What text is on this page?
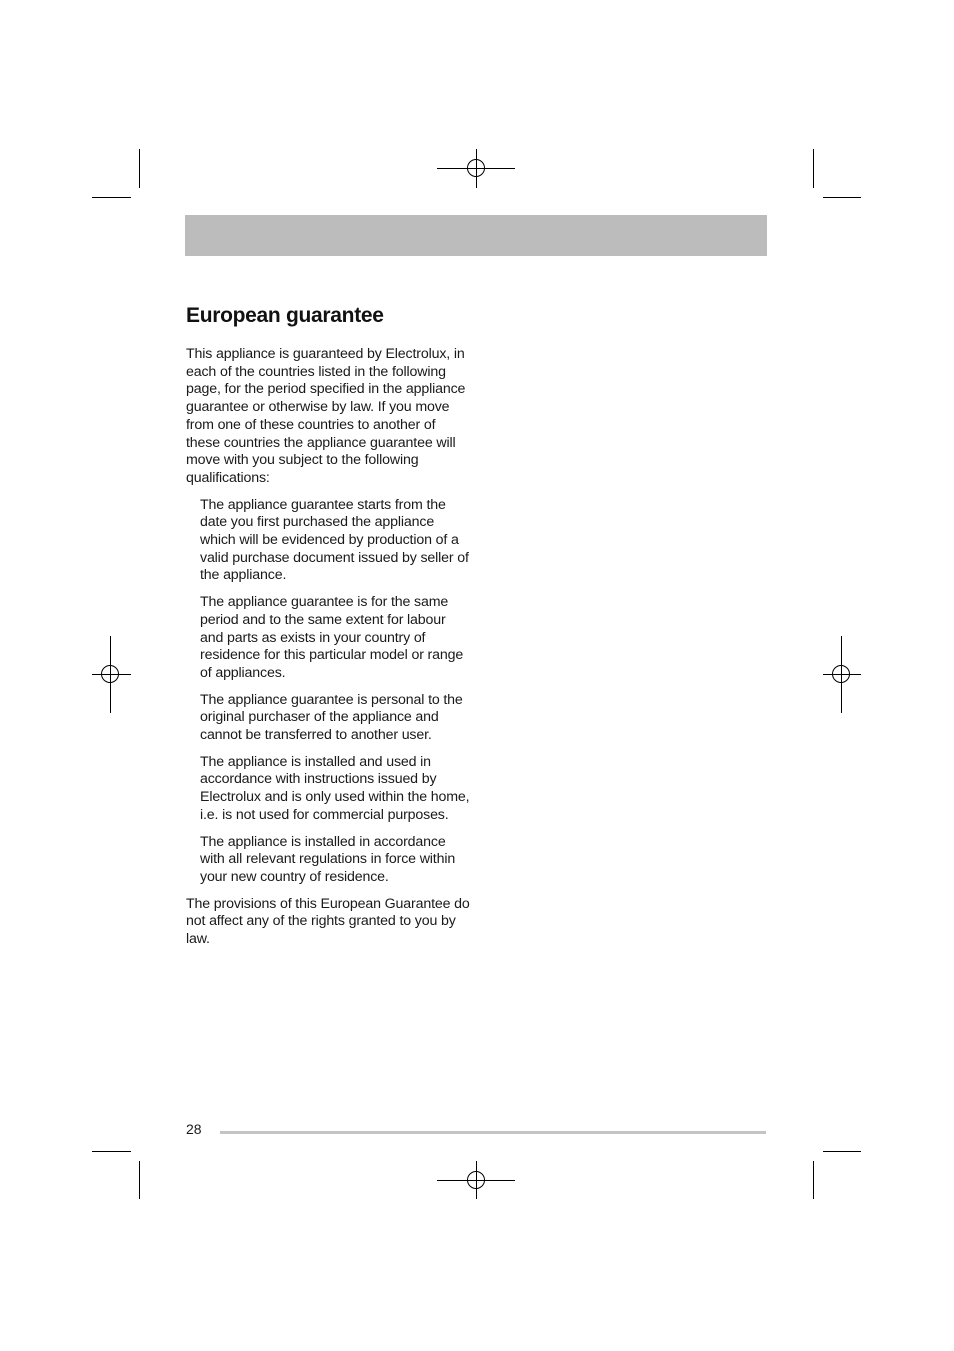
European guarantee

This appliance is guaranteed by Electrolux, in each of the countries listed in the following page, for the period specified in the appliance guarantee or otherwise by law. If you move from one of these countries to another of these countries the appliance guarantee will move with you subject to the following qualifications:

The appliance guarantee starts from the date you first purchased the appliance which will be evidenced by production of a valid purchase document issued by seller of the appliance.
The appliance guarantee is for the same period and to the same extent for labour and parts as exists in your country of residence for this particular model or range of appliances.
The appliance guarantee is personal to the original purchaser of the appliance and cannot be transferred to another user.
The appliance is installed and used in accordance with instructions issued by Electrolux and is only used within the home, i.e. is not used for commercial purposes.
The appliance is installed in accordance with all relevant regulations in force within your new country of residence.

The provisions of this European Guarantee do not affect any of the rights granted to you by law.

28
